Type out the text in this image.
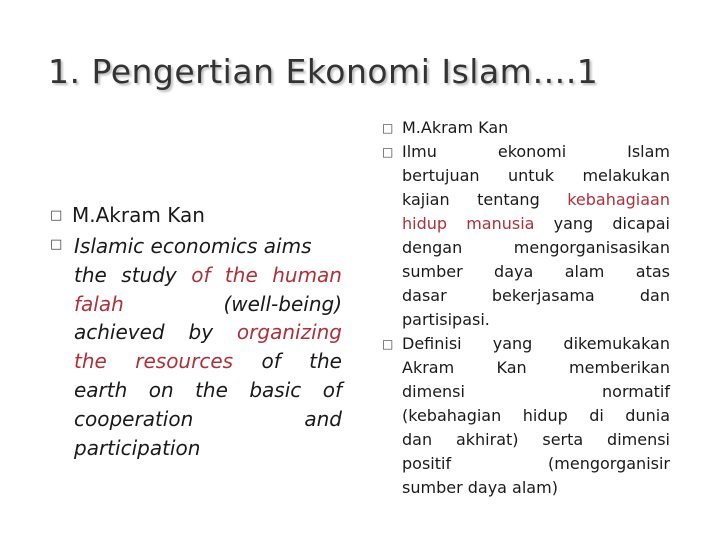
1. Pengertian Ekonomi Islam….1
□ M.Akram Kan
□ Islamic economics aims
the study of the human
falah (well-being)
achieved by organizing
the resources of the
earth on the basic of
cooperation and
participation
□ M.Akram Kan
□ Ilmu ekonomi Islam
bertujuan untuk melakukan
kajian tentang kebahagiaan
hidup manusia yang dicapai
dengan mengorganisasikan
sumber daya alam atas
dasar bekerjasama dan
partisipasi.
□ Definisi yang dikemukakan
Akram Kan memberikan
dimensi normatif
(kebahagian hidup di dunia
dan akhirat) serta dimensi
positif (mengorganisir
sumber daya alam)
